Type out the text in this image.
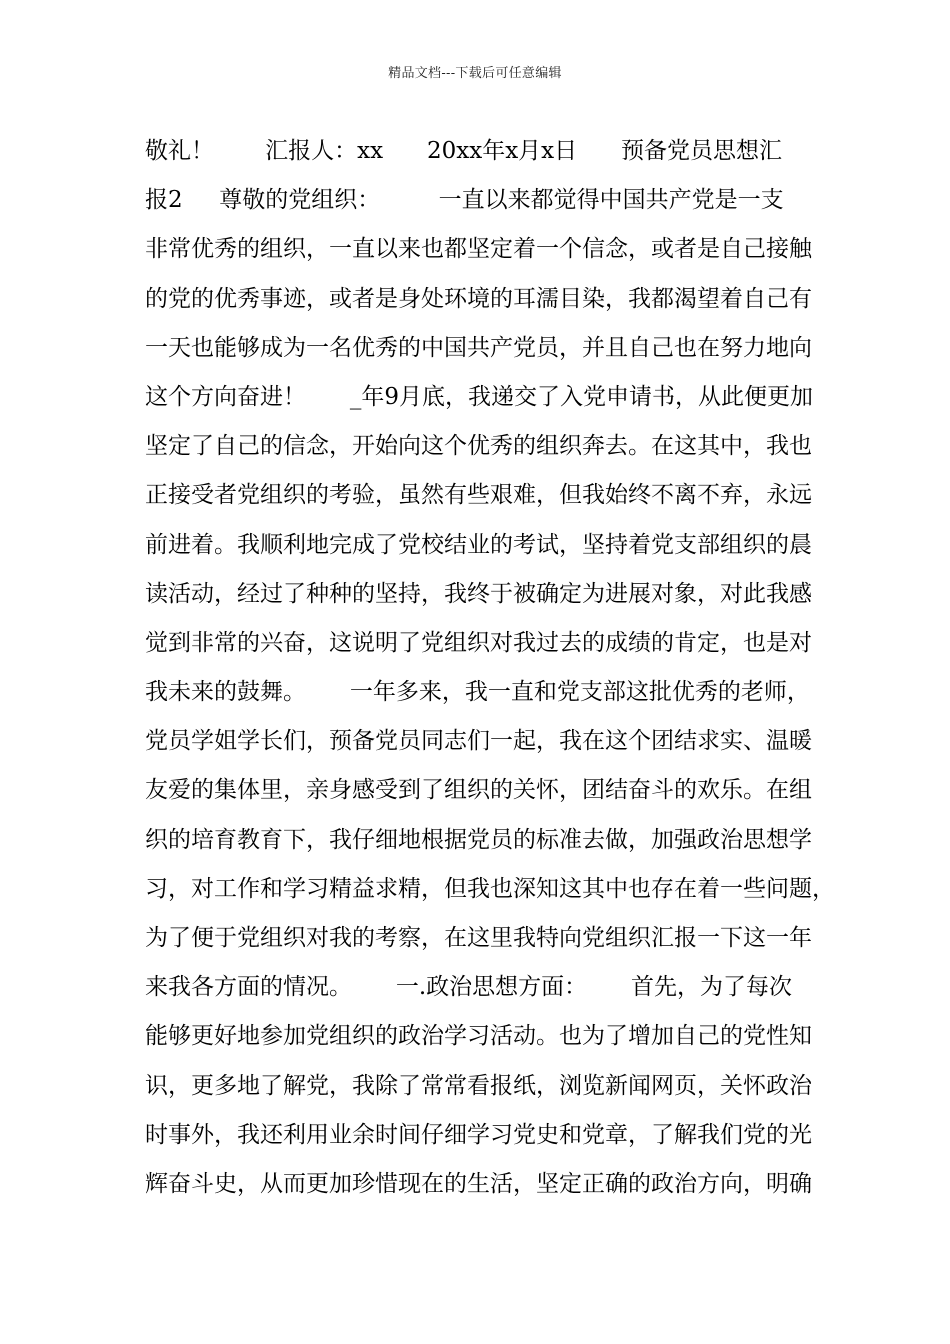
精品文档---下载后可任意编辑
敬礼！       汇报人：xx      20xx年x月x日      预备党员思想汇
报2     尊敬的党组织：        一直以来都觉得中国共产党是一支
非常优秀的组织，一直以来也都坚定着一个信念，或者是自己接触
的党的优秀事迹，或者是身处环境的耳濡目染，我都渴望着自己有
一天也能够成为一名优秀的中国共产党员，并且自己也在努力地向
这个方向奋进！      _年9月底，我递交了入党申请书，从此便更加
坚定了自己的信念，开始向这个优秀的组织奔去。在这其中，我也
正接受者党组织的考验，虽然有些艰难，但我始终不离不弃，永远
前进着。我顺利地完成了党校结业的考试，坚持着党支部组织的晨
读活动，经过了种种的坚持，我终于被确定为进展对象，对此我感
觉到非常的兴奋，这说明了党组织对我过去的成绩的肯定，也是对
我未来的鼓舞。      一年多来，我一直和党支部这批优秀的老师，
党员学姐学长们，预备党员同志们一起，我在这个团结求实、温暖
友爱的集体里，亲身感受到了组织的关怀，团结奋斗的欢乐。在组
织的培育教育下，我仔细地根据党员的标准去做，加强政治思想学
习，对工作和学习精益求精，但我也深知这其中也存在着一些问题，
为了便于党组织对我的考察，在这里我特向党组织汇报一下这一年
来我各方面的情况。      一.政治思想方面：      首先，为了每次
能够更好地参加党组织的政治学习活动。也为了增加自己的党性知
识，更多地了解党，我除了常常看报纸，浏览新闻网页，关怀政治
时事外，我还利用业余时间仔细学习党史和党章，了解我们党的光
辉奋斗史，从而更加珍惜现在的生活，坚定正确的政治方向，明确
